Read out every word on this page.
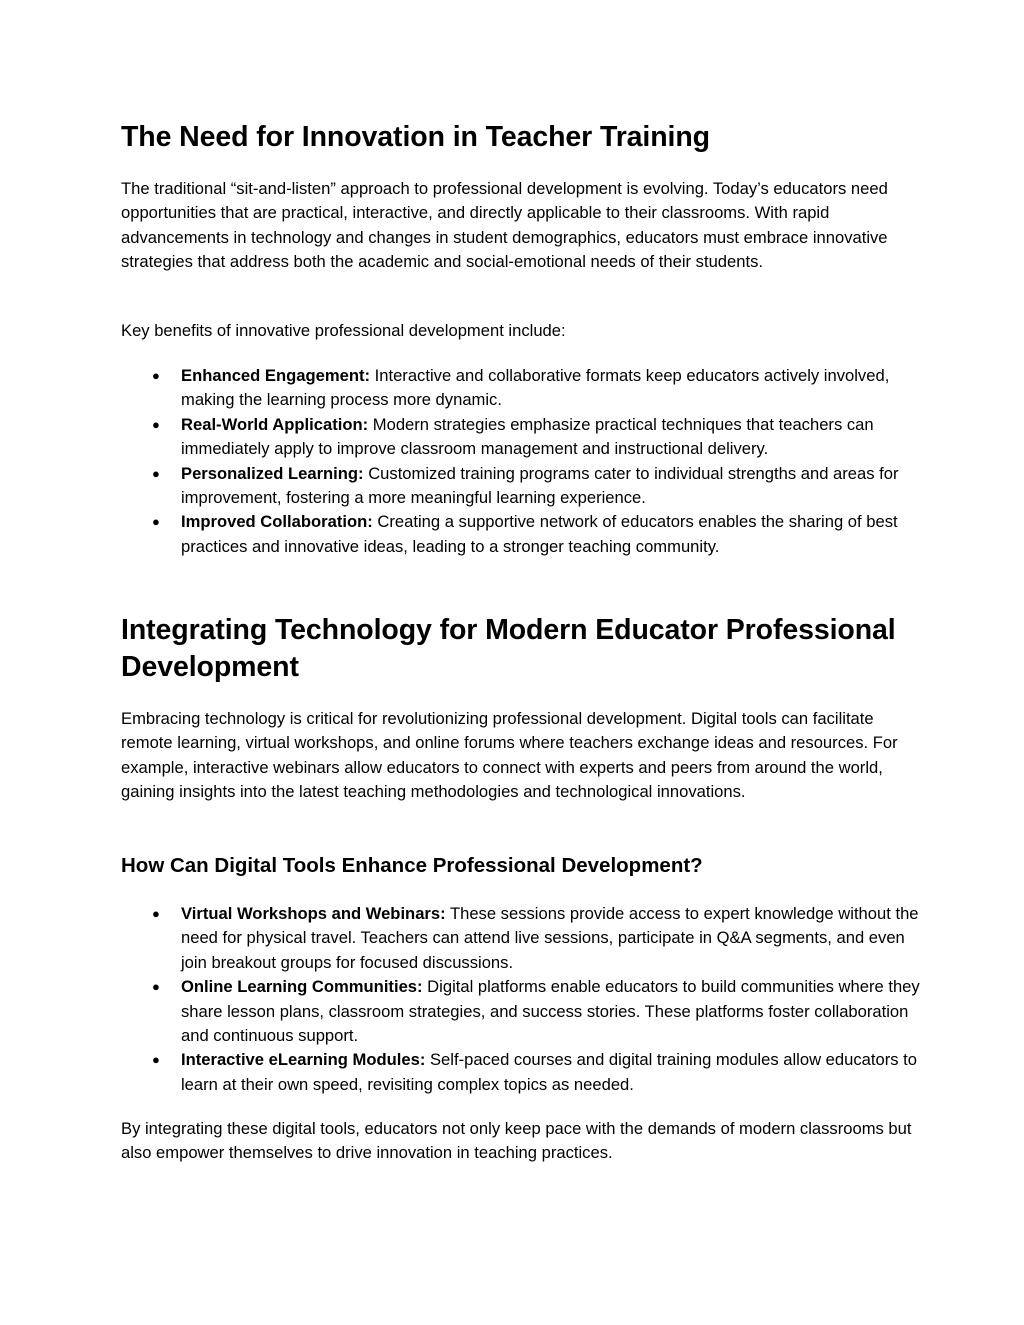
The Need for Innovation in Teacher Training

The traditional “sit-and-listen” approach to professional development is evolving. Today’s educators need opportunities that are practical, interactive, and directly applicable to their classrooms. With rapid advancements in technology and changes in student demographics, educators must embrace innovative strategies that address both the academic and social-emotional needs of their students.

Key benefits of innovative professional development include:

● Enhanced Engagement: Interactive and collaborative formats keep educators actively involved, making the learning process more dynamic.
● Real-World Application: Modern strategies emphasize practical techniques that teachers can immediately apply to improve classroom management and instructional delivery.
● Personalized Learning: Customized training programs cater to individual strengths and areas for improvement, fostering a more meaningful learning experience.
● Improved Collaboration: Creating a supportive network of educators enables the sharing of best practices and innovative ideas, leading to a stronger teaching community.
Integrating Technology for Modern Educator Professional Development

Embracing technology is critical for revolutionizing professional development. Digital tools can facilitate remote learning, virtual workshops, and online forums where teachers exchange ideas and resources. For example, interactive webinars allow educators to connect with experts and peers from around the world, gaining insights into the latest teaching methodologies and technological innovations.

How Can Digital Tools Enhance Professional Development?
● Virtual Workshops and Webinars: These sessions provide access to expert knowledge without the need for physical travel. Teachers can attend live sessions, participate in Q&A segments, and even join breakout groups for focused discussions.
● Online Learning Communities: Digital platforms enable educators to build communities where they share lesson plans, classroom strategies, and success stories. These platforms foster collaboration and continuous support.
● Interactive eLearning Modules: Self-paced courses and digital training modules allow educators to learn at their own speed, revisiting complex topics as needed.

By integrating these digital tools, educators not only keep pace with the demands of modern classrooms but also empower themselves to drive innovation in teaching practices.
